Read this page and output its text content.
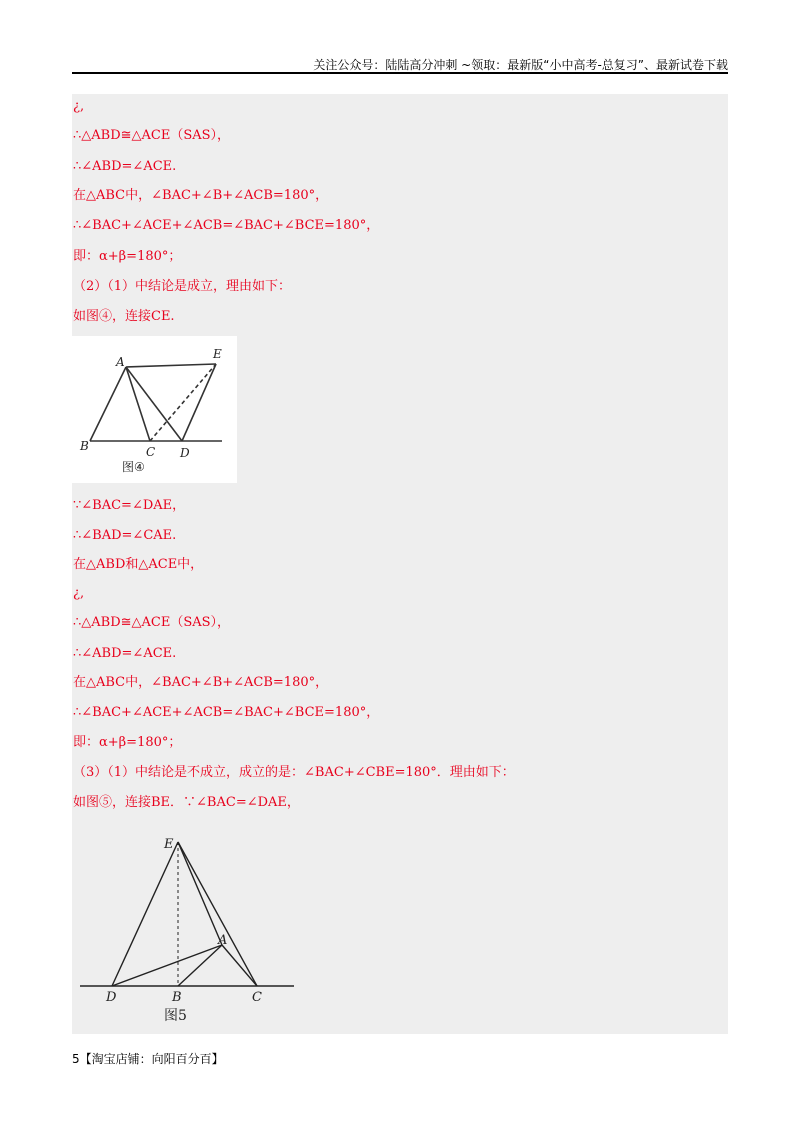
关注公众号：陆陆高分冲刺 ~领取：最新版“小中高考-总复习”、最新试卷下载
¿,
∴△ABD≅△ACE（SAS），
∴∠ABD=∠ACE.
在△ABC中，∠BAC+∠B+∠ACB=180°，
∴∠BAC+∠ACE+∠ACB=∠BAC+∠BCE=180°，
即：α+β=180°；
（2）（1）中结论是成立，理由如下：
如图④，连接CE.
A
E
B	C D
图④
∵∠BAC=∠DAE，
∴∠BAD=∠CAE.
在△ABD和△ACE中，
¿,
∴△ABD≅△ACE（SAS），
∴∠ABD=∠ACE.
在△ABC中，∠BAC+∠B+∠ACB=180°，
∴∠BAC+∠ACE+∠ACB=∠BAC+∠BCE=180°，
即：α+β=180°；
（3）（1）中结论是不成立，成立的是：∠BAC+∠CBE=180°．理由如下：
如图⑤，连接BE．∵∠BAC=∠DAE，
E
A
D	B	C
图5
5【淘宝店铺：向阳百分百】
